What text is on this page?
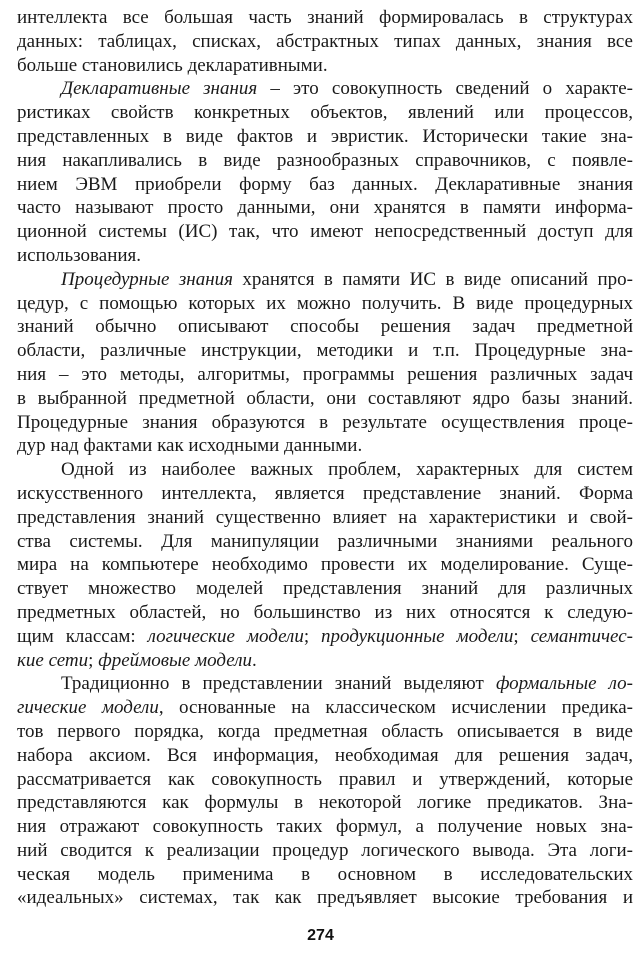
интеллекта все большая часть знаний формировалась в структурах
данных: таблицах, списках, абстрактных типах данных, знания все
больше становились декларативными.
Декларативные знания – это совокупность сведений о характе-
ристиках свойств конкретных объектов, явлений или процессов,
представленных в виде фактов и эвристик. Исторически такие зна-
ния накапливались в виде разнообразных справочников, с появле-
нием ЭВМ приобрели форму баз данных. Декларативные знания
часто называют просто данными, они хранятся в памяти информа-
ционной системы (ИС) так, что имеют непосредственный доступ для
использования.
Процедурные знания хранятся в памяти ИС в виде описаний про-
цедур, с помощью которых их можно получить. В виде процедурных
знаний обычно описывают способы решения задач предметной
области, различные инструкции, методики и т.п. Процедурные зна-
ния – это методы, алгоритмы, программы решения различных задач
в выбранной предметной области, они составляют ядро базы знаний.
Процедурные знания образуются в результате осуществления проце-
дур над фактами как исходными данными.
Одной из наиболее важных проблем, характерных для систем
искусственного интеллекта, является представление знаний. Форма
представления знаний существенно влияет на характеристики и свой-
ства системы. Для манипуляции различными знаниями реального
мира на компьютере необходимо провести их моделирование. Суще-
ствует множество моделей представления знаний для различных
предметных областей, но большинство из них относятся к следую-
щим классам: логические модели; продукционные модели; семантичес-
кие сети; фреймовые модели.
Традиционно в представлении знаний выделяют формальные ло-
гические модели, основанные на классическом исчислении предика-
тов первого порядка, когда предметная область описывается в виде
набора аксиом. Вся информация, необходимая для решения задач,
рассматривается как совокупность правил и утверждений, которые
представляются как формулы в некоторой логике предикатов. Зна-
ния отражают совокупность таких формул, а получение новых зна-
ний сводится к реализации процедур логического вывода. Эта логи-
ческая модель применима в основном в исследовательских
«идеальных» системах, так как предъявляет высокие требования и
274
